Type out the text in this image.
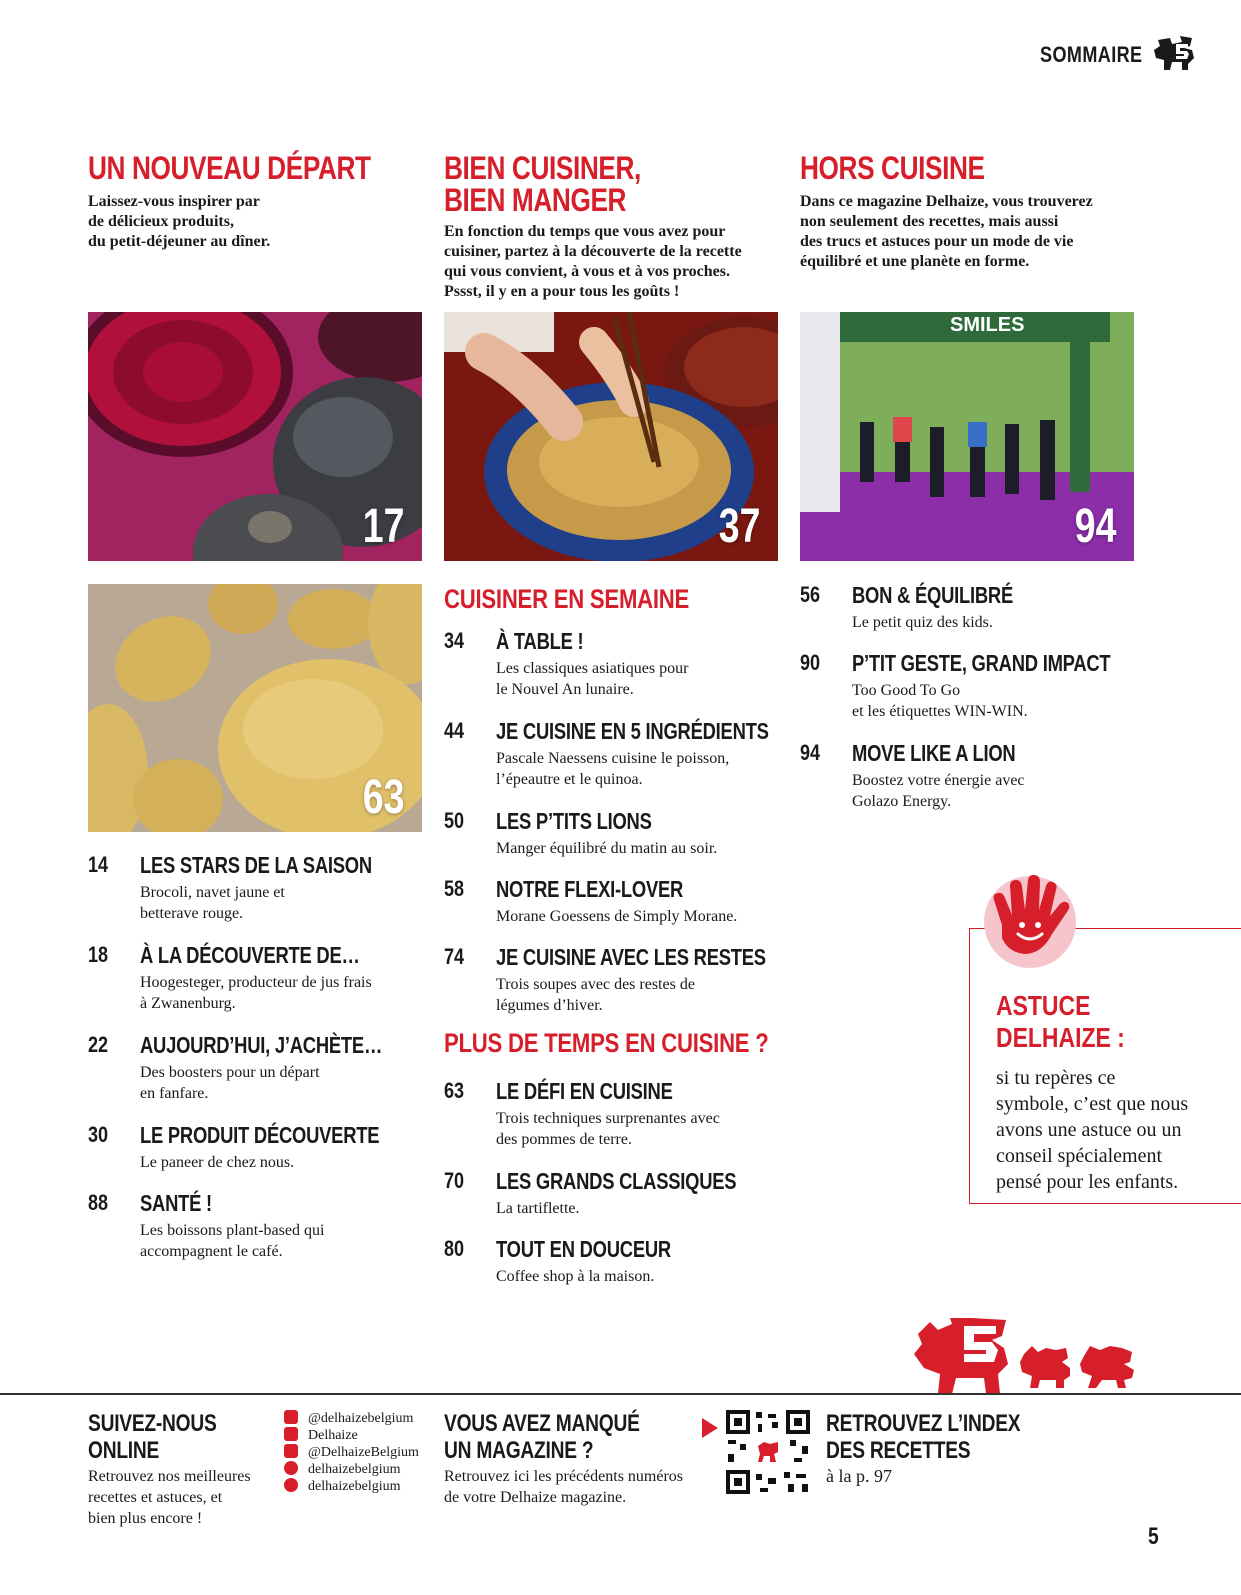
SOMMAIRE
UN NOUVEAU DÉPART
Laissez-vous inspirer par
de délicieux produits,
du petit-déjeuner au dîner.
BIEN CUISINER,
BIEN MANGER
En fonction du temps que vous avez pour
cuisiner, partez à la découverte de la recette
qui vous convient, à vous et à vos proches.
Pssst, il y en a pour tous les goûts !
HORS CUISINE
Dans ce magazine Delhaize, vous trouverez
non seulement des recettes, mais aussi
des trucs et astuces pour un mode de vie
équilibré et une planète en forme.
17	37
SMILES
94
63
14 LES STARS DE LA SAISON
Brocoli, navet jaune et
betterave rouge.
18 À LA DÉCOUVERTE DE…
Hoogesteger, producteur de jus frais
à Zwanenburg.
22 AUJOURD’HUI, J’ACHÈTE…
Des boosters pour un départ
en fanfare.
30 LE PRODUIT DÉCOUVERTE
Le paneer de chez nous.
88 SANTÉ !
Les boissons plant-based qui
accompagnent le café.
CUISINER EN SEMAINE
34 À TABLE !
Les classiques asiatiques pour
le Nouvel An lunaire.
44 JE CUISINE EN 5 INGRÉDIENTS
Pascale Naessens cuisine le poisson,
l’épeautre et le quinoa.
50 LES P’TITS LIONS
Manger équilibré du matin au soir.
58 NOTRE FLEXI-LOVER
Morane Goessens de Simply Morane.
74 JE CUISINE AVEC LES RESTES
Trois soupes avec des restes de
légumes d’hiver.
PLUS DE TEMPS EN CUISINE ?
63 LE DÉFI EN CUISINE
Trois techniques surprenantes avec
des pommes de terre.
70 LES GRANDS CLASSIQUES
La tartiflette.
80 TOUT EN DOUCEUR
Coffee shop à la maison.
56 BON & ÉQUILIBRÉ
Le petit quiz des kids.
90 P’TIT GESTE, GRAND IMPACT
Too Good To Go
et les étiquettes WIN-WIN.
94 MOVE LIKE A LION
Boostez votre énergie avec
Golazo Energy.
ASTUCE
DELHAIZE :
si tu repères ce
symbole, c’est que nous
avons une astuce ou un
conseil spécialement
pensé pour les enfants.
SUIVEZ-NOUS
ONLINE
Retrouvez nos meilleures
recettes et astuces, et
bien plus encore !
@delhaizebelgium
Delhaize
@DelhaizeBelgium
delhaizebelgium
delhaizebelgium
VOUS AVEZ MANQUÉ
UN MAGAZINE ?
Retrouvez ici les précédents numéros
de votre Delhaize magazine.
RETROUVEZ L’INDEX
DES RECETTES
à la p. 97
5
